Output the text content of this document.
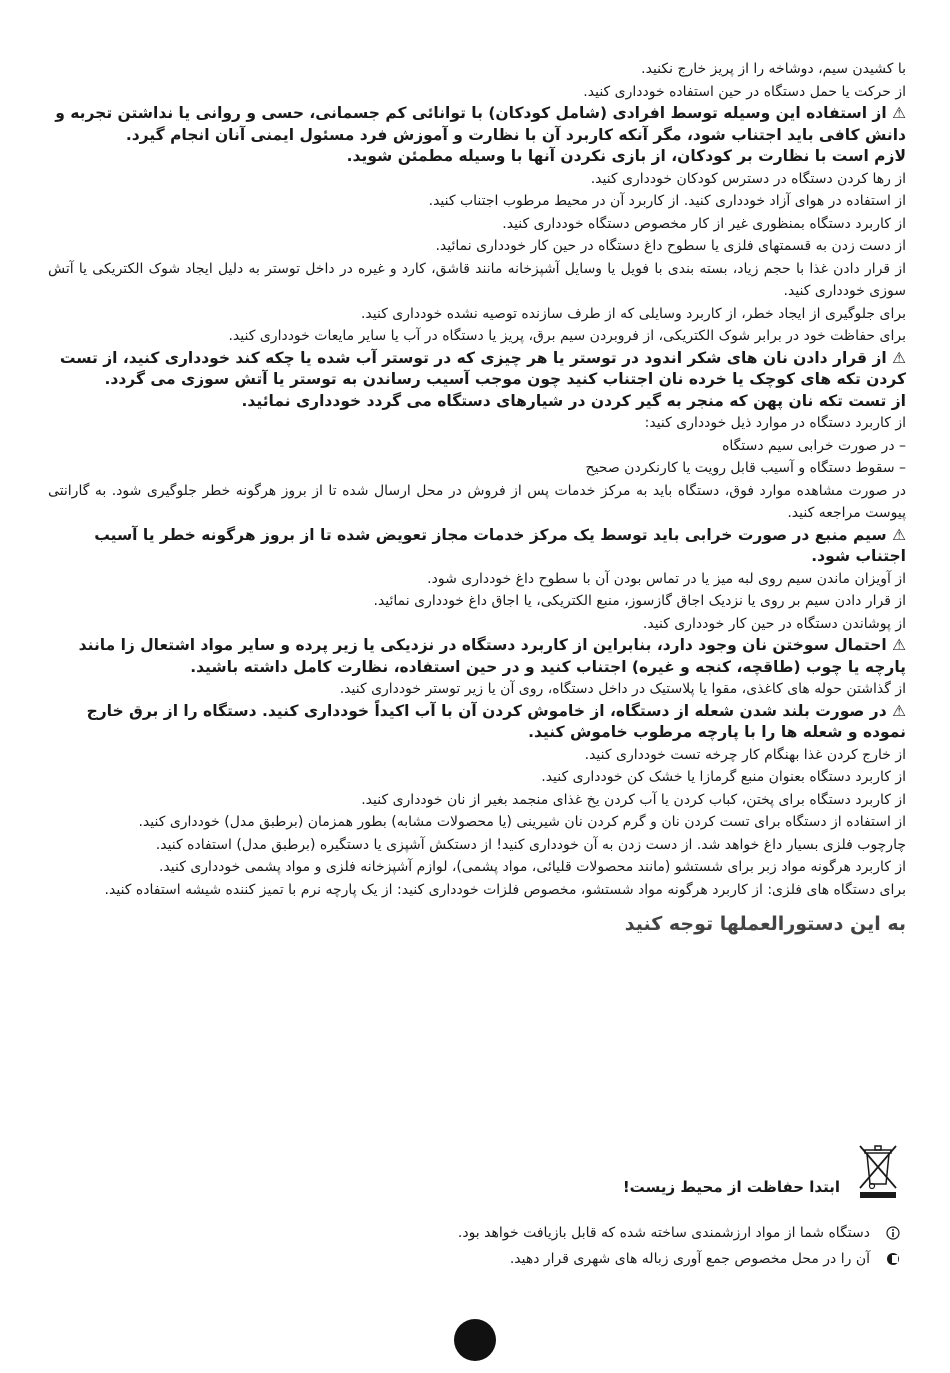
با کشیدن سیم، دوشاخه را از پریز خارج نکنید.

از حرکت یا حمل دستگاه در حین استفاده خودداری کنید.

⚠ از استفاده این وسیله توسط افرادی (شامل کودکان) با توانائی کم جسمانی، حسی و روانی یا نداشتن تجربه و دانش کافی باید اجتناب شود، مگر آنکه کاربرد آن با نظارت و آموزش فرد مسئول ایمنی آنان انجام گیرد.

لازم است با نظارت بر کودکان، از بازی نکردن آنها با وسیله مطمئن شوید.

از رها کردن دستگاه در دسترس کودکان خودداری کنید.

از استفاده در هوای آزاد خودداری کنید. از کاربرد آن در محیط مرطوب اجتناب کنید.

از کاربرد دستگاه بمنظوری غیر از کار مخصوص دستگاه خودداری کنید.

از دست زدن به قسمتهای فلزی یا سطوح داغ دستگاه در حین کار خودداری نمائید.

از قرار دادن غذا با حجم زیاد، بسته بندی با فویل یا وسایل آشپزخانه مانند قاشق، کارد و غیره در داخل توستر به دلیل ایجاد شوک الکتریکی یا آتش سوزی خودداری کنید.

برای جلوگیری از ایجاد خطر، از کاربرد وسایلی که از طرف سازنده توصیه نشده خودداری کنید.

برای حفاظت خود در برابر شوک الکتریکی، از فروبردن سیم برق، پریز یا دستگاه در آب یا سایر مایعات خودداری کنید.

⚠ از قرار دادن نان های شکر اندود در توستر یا هر چیزی که در توستر آب شده یا چکه کند خودداری کنید، از تست کردن تکه های کوچک یا خرده نان اجتناب کنید چون موجب آسیب رساندن به توستر یا آتش سوزی می گردد.

از تست تکه نان پهن که منجر به گیر کردن در شیارهای دستگاه می گردد خودداری نمائید.

از کاربرد دستگاه در موارد ذیل خودداری کنید:

– در صورت خرابی سیم دستگاه

– سقوط دستگاه و آسیب قابل رویت یا کارنکردن صحیح

در صورت مشاهده موارد فوق، دستگاه باید به مرکز خدمات پس از فروش در محل ارسال شده تا از بروز هرگونه خطر جلوگیری شود. به گارانتی پیوست مراجعه کنید.

⚠ سیم منبع در صورت خرابی باید توسط یک مرکز خدمات مجاز تعویض شده تا از بروز هرگونه خطر یا آسیب اجتناب شود.

از آویزان ماندن سیم روی لبه میز یا در تماس بودن آن با سطوح داغ خودداری شود.

از قرار دادن سیم بر روی یا نزدیک اجاق گازسوز، منبع الکتریکی، یا اجاق داغ خودداری نمائید.

از پوشاندن دستگاه در حین کار خودداری کنید.

⚠ احتمال سوختن نان وجود دارد، بنابراین از کاربرد دستگاه در نزدیکی یا زیر پرده و سایر مواد اشتعال زا مانند پارچه یا چوب (طاقچه، کنجه و غیره) اجتناب کنید و در حین استفاده، نظارت کامل داشته باشید.

از گذاشتن حوله های کاغذی، مقوا یا پلاستیک در داخل دستگاه، روی آن یا زیر توستر خودداری کنید.

⚠ در صورت بلند شدن شعله از دستگاه، از خاموش کردن آن با آب اکیداً خودداری کنید. دستگاه را از برق خارج نموده و شعله ها را با پارچه مرطوب خاموش کنید.

از خارج کردن غذا بهنگام کار چرخه تست خودداری کنید.

از کاربرد دستگاه بعنوان منبع گرمازا یا خشک کن خودداری کنید.

از کاربرد دستگاه برای پختن، کباب کردن یا آب کردن یخ غذای منجمد بغیر از نان خودداری کنید.

از استفاده از دستگاه برای تست کردن نان و گرم کردن نان شیرینی (یا محصولات مشابه) بطور همزمان (برطبق مدل) خودداری کنید.

چارچوب فلزی بسیار داغ خواهد شد. از دست زدن به آن خودداری کنید! از دستکش آشپزی یا دستگیره (برطبق مدل) استفاده کنید.

از کاربرد هرگونه مواد زبر برای شستشو (مانند محصولات قلیائی، مواد پشمی)، لوازم آشپزخانه فلزی و مواد پشمی خودداری کنید.

برای دستگاه های فلزی: از کاربرد هرگونه مواد شستشو، مخصوص فلزات خودداری کنید: از یک پارچه نرم با تمیز کننده شیشه استفاده کنید.

به این دستورالعملها توجه کنید

ابتدا حفاظت از محیط زیست!
دستگاه شما از مواد ارزشمندی ساخته شده که قابل بازیافت خواهد بود.
آن را در محل مخصوص جمع آوری زباله های شهری قرار دهید.
